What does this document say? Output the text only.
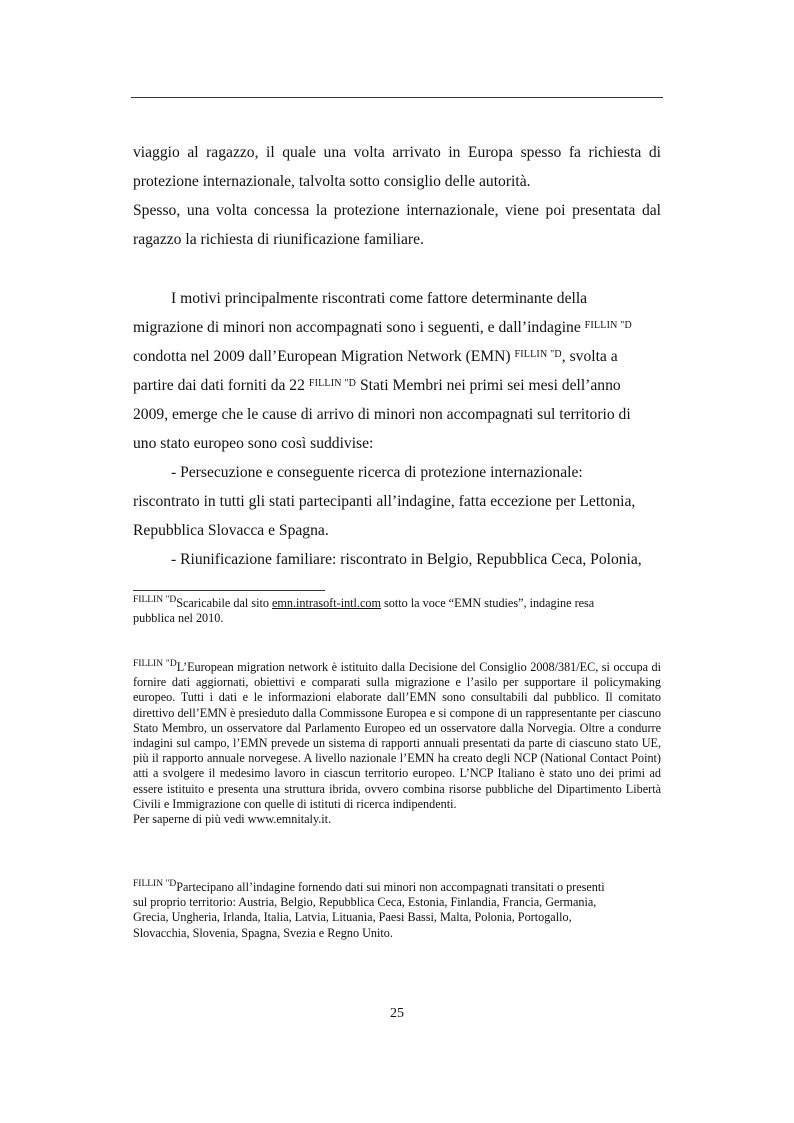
viaggio al ragazzo, il quale una volta arrivato in Europa spesso fa richiesta di

protezione internazionale, talvolta sotto consiglio delle autorità.

Spesso, una volta concessa la protezione internazionale, viene poi presentata dal

ragazzo la richiesta di riunificazione familiare.

I motivi principalmente riscontrati come fattore determinante della

migrazione di minori non accompagnati sono i seguenti, e dall’indagine $^{FILLIN "D}$

condotta nel 2009 dall’European Migration Network (EMN) $^{FILLIN "D}$, svolta a

partire dai dati forniti da 22 $^{FILLIN "D}$ Stati Membri nei primi sei mesi dell’anno

2009, emerge che le cause di arrivo di minori non accompagnati sul territorio di

uno stato europeo sono così suddivise:

- Persecuzione e conseguente ricerca di protezione internazionale:

riscontrato in tutti gli stati partecipanti all’indagine, fatta eccezione per Lettonia,

Repubblica Slovacca e Spagna.

- Riunificazione familiare: riscontrato in Belgio, Repubblica Ceca, Polonia,

$^{FILLIN "D}$Scaricabile dal sito emn.intrasoft-intl.com sotto la voce “EMN studies”, indagine resa

pubblica nel 2010.

$^{FILLIN "D}$L’European migration network è istituito dalla Decisione del Consiglio 2008/381/EC, si occupa di fornire dati aggiornati, obiettivi e comparati sulla migrazione e l’asilo per supportare il policymaking europeo. Tutti i dati e le informazioni elaborate dall’EMN sono consultabili dal pubblico. Il comitato direttivo dell’EMN è presieduto dalla Commissone Europea e si compone di un rappresentante per ciascuno Stato Membro, un osservatore dal Parlamento Europeo ed un osservatore dalla Norvegia. Oltre a condurre indagini sul campo, l’EMN prevede un sistema di rapporti annuali presentati da parte di ciascuno stato UE, più il rapporto annuale norvegese. A livello nazionale l’EMN ha creato degli NCP (National Contact Point) atti a svolgere il medesimo lavoro in ciascun territorio europeo. L’NCP Italiano è stato uno dei primi ad essere istituito e presenta una struttura ibrida, ovvero combina risorse pubbliche del Dipartimento Libertà Civili e Immigrazione con quelle di istituti di ricerca indipendenti.

Per saperne di più vedi www.emnitaly.it.

$^{FILLIN "D}$Partecipano all’indagine fornendo dati sui minori non accompagnati transitati o presenti

sul proprio territorio: Austria, Belgio, Repubblica Ceca, Estonia, Finlandia, Francia, Germania,

Grecia, Ungheria, Irlanda, Italia, Latvia, Lituania, Paesi Bassi, Malta, Polonia, Portogallo,

Slovacchia, Slovenia, Spagna, Svezia e Regno Unito.

25
